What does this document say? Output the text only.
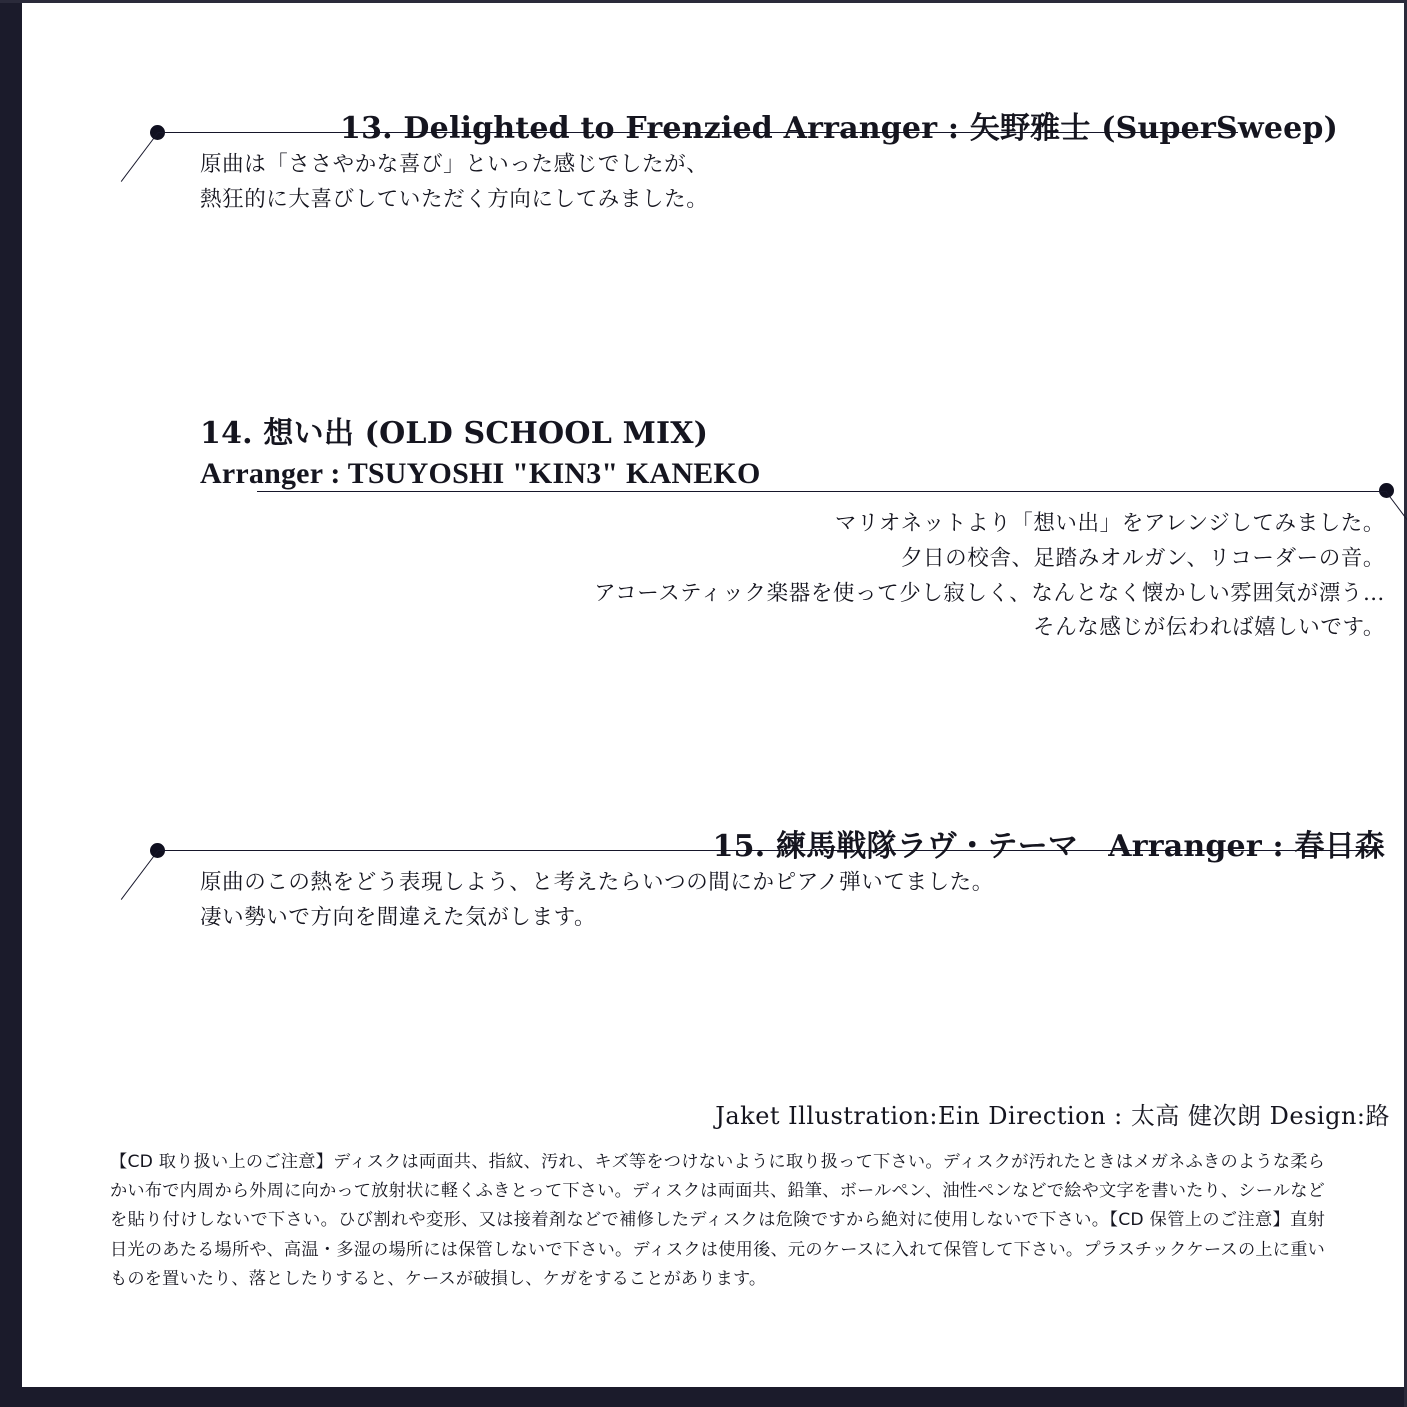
13. Delighted to Frenzied Arranger : 矢野雅士 (SuperSweep)
原曲は「ささやかな喜び」といった感じでしたが、
熱狂的に大喜びしていただく方向にしてみました。
14. 想い出 (OLD SCHOOL MIX)
Arranger : TSUYOSHI "KIN3" KANEKO
マリオネットより「想い出」をアレンジしてみました。
夕日の校舎、足踏みオルガン、リコーダーの音。
アコースティック楽器を使って少し寂しく、なんとなく懐かしい雰囲気が漂う…
そんな感じが伝われば嬉しいです。
15. 練馬戦隊ラヴ・テーマ　Arranger : 春日森
原曲のこの熱をどう表現しよう、と考えたらいつの間にかピアノ弾いてました。
凄い勢いで方向を間違えた気がします。
Jaket Illustration:Ein Direction : 太高 健次朗 Design:路
【CD 取り扱い上のご注意】ディスクは両面共、指紋、汚れ、キズ等をつけないように取り扱って下さい。ディスクが汚れたときはメガネふきのような柔らかい布で内周から外周に向かって放射状に軽くふきとって下さい。ディスクは両面共、鉛筆、ボールペン、油性ペンなどで絵や文字を書いたり、シールなどを貼り付けしないで下さい。ひび割れや変形、又は接着剤などで補修したディスクは危険ですから絶対に使用しないで下さい。【CD 保管上のご注意】直射日光のあたる場所や、高温・多湿の場所には保管しないで下さい。ディスクは使用後、元のケースに入れて保管して下さい。プラスチックケースの上に重いものを置いたり、落としたりすると、ケースが破損し、ケガをすることがあります。
